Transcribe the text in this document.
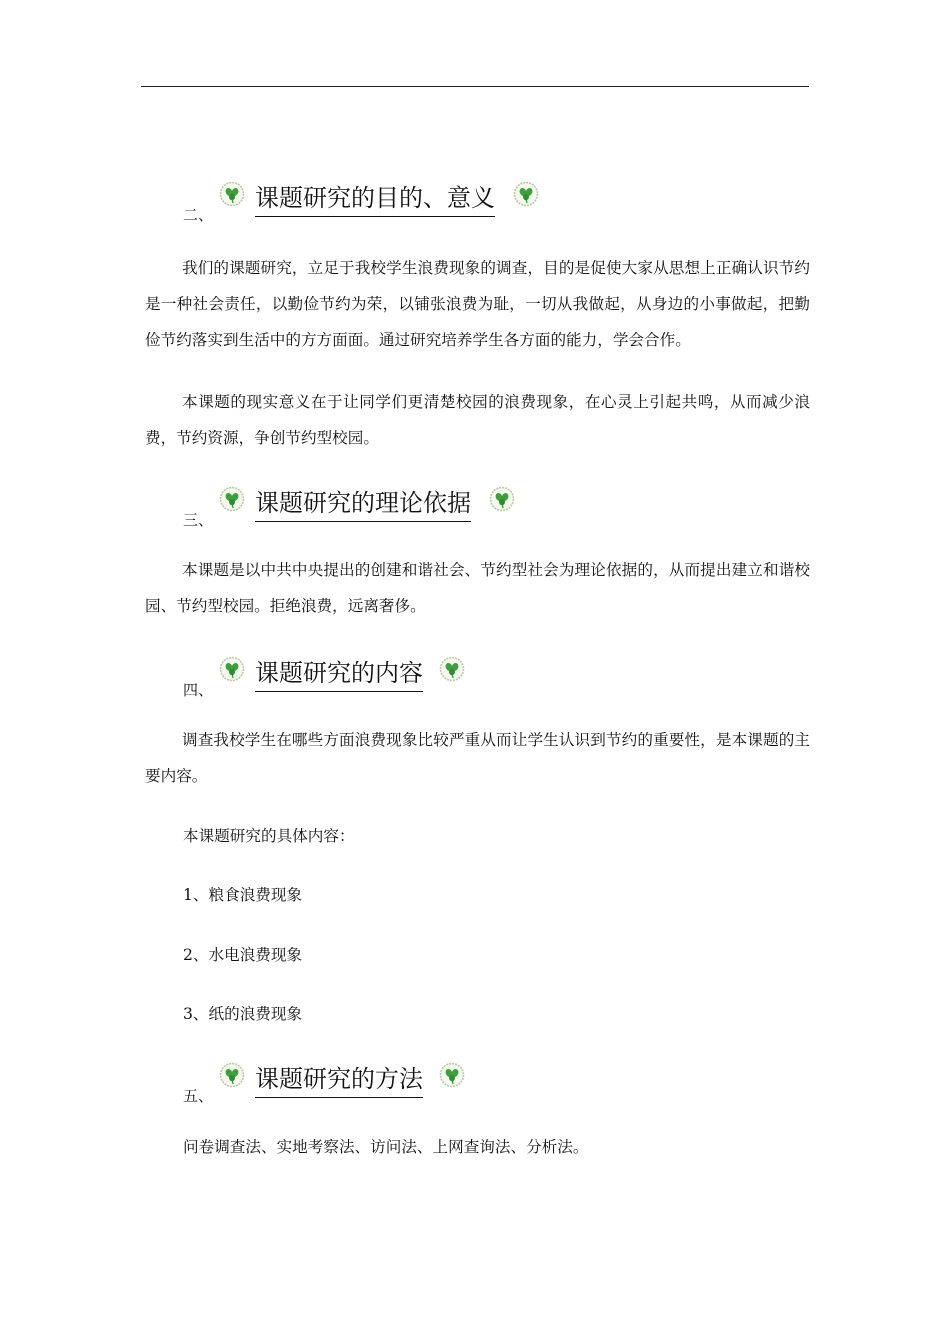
二、
课题研究的目的、意义

我们的课题研究，立足于我校学生浪费现象的调查，目的是促使大家从思想上正确认识节约是一种社会责任，以勤俭节约为荣，以铺张浪费为耻，一切从我做起，从身边的小事做起，把勤俭节约落实到生活中的方方面面。通过研究培养学生各方面的能力，学会合作。

本课题的现实意义在于让同学们更清楚校园的浪费现象，在心灵上引起共鸣，从而减少浪费，节约资源，争创节约型校园。

三、
课题研究的理论依据

本课题是以中共中央提出的创建和谐社会、节约型社会为理论依据的，从而提出建立和谐校园、节约型校园。拒绝浪费，远离奢侈。

四、
课题研究的内容

调查我校学生在哪些方面浪费现象比较严重从而让学生认识到节约的重要性，是本课题的主要内容。

本课题研究的具体内容：

1、粮食浪费现象

2、水电浪费现象

3、纸的浪费现象

五、
课题研究的方法

问卷调查法、实地考察法、访问法、上网查询法、分析法。
